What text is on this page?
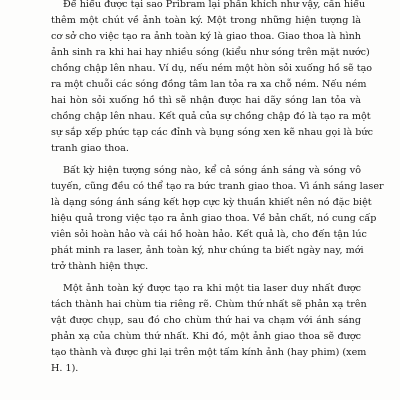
Để hiểu được tại sao Pribram lại phấn khích như vậy, cần hiểu
thêm một chút về ảnh toàn ký. Một trong những hiện tượng là
cơ sở cho việc tạo ra ảnh toàn ký là giao thoa. Giao thoa là hình
ảnh sinh ra khi hai hay nhiều sóng (kiểu như sóng trên mặt nước)
chồng chập lên nhau. Ví dụ, nếu ném một hòn sỏi xuống hồ sẽ tạo
ra một chuỗi các sóng đồng tâm lan tỏa ra xa chỗ ném. Nếu ném
hai hòn sỏi xuống hồ thì sẽ nhận được hai dãy sóng lan tỏa và
chồng chập lên nhau. Kết quả của sự chồng chập đó là tạo ra một
sự sắp xếp phức tạp các đỉnh và bụng sóng xen kẽ nhau gọi là bức
tranh giao thoa.
Bất kỳ hiện tượng sóng nào, kể cả sóng ánh sáng và sóng vô
tuyến, cũng đều có thể tạo ra bức tranh giao thoa. Vì ánh sáng laser
là dạng sóng ánh sáng kết hợp cực kỳ thuần khiết nên nó đặc biệt
hiệu quả trong việc tạo ra ảnh giao thoa. Về bản chất, nó cung cấp
viên sỏi hoàn hảo và cái hồ hoàn hảo. Kết quả là, cho đến tận lúc
phát minh ra laser, ảnh toàn ký, như chúng ta biết ngày nay, mới
trở thành hiện thực.
Một ảnh toàn ký được tạo ra khi một tia laser duy nhất được
tách thành hai chùm tia riêng rẽ. Chùm thứ nhất sẽ phản xạ trên
vật được chụp, sau đó cho chùm thứ hai va chạm với ánh sáng
phản xạ của chùm thứ nhất. Khi đó, một ảnh giao thoa sẽ được
tạo thành và được ghi lại trên một tấm kính ảnh (hay phim) (xem
H. 1).
